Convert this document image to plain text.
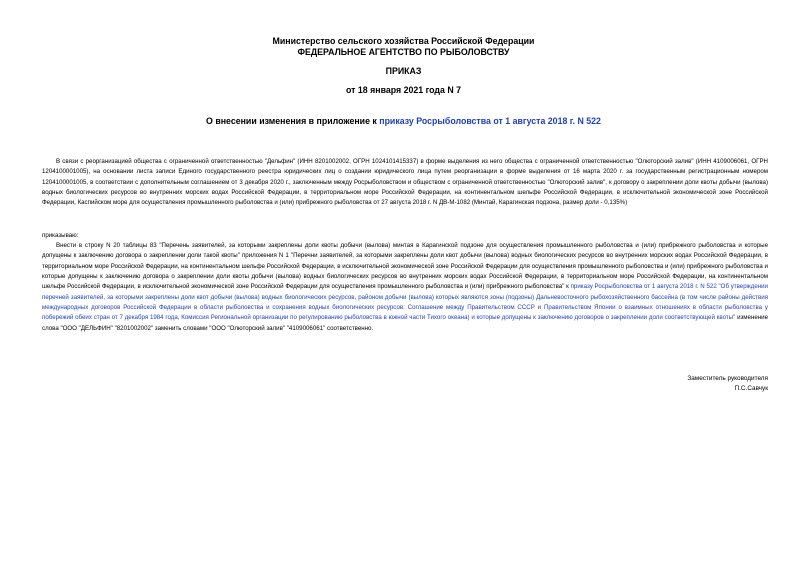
Министерство сельского хозяйства Российской Федерации
ФЕДЕРАЛЬНОЕ АГЕНТСТВО ПО РЫБОЛОВСТВУ
ПРИКАЗ
от 18 января 2021 года N 7
О внесении изменения в приложение к приказу Росрыболовства от 1 августа 2018 г. N 522
В связи с реорганизацией общества с ограниченной ответственностью "Дельфин" (ИНН 8201002002, ОГРН 1024101415337) в форме выделения из него общества с ограниченной ответственностью "Олюторский залив" (ИНН 4109006061, ОГРН 1204100001005), на основании листа записи Единого государственного реестра юридических лиц о создании юридического лица путем реорганизации в форме выделения от 16 марта 2020 г. за государственным регистрационным номером 1204100001005, в соответствии с дополнительным соглашением от 3 декабря 2020 г., заключенным между Росрыболовством и обществом с ограниченной ответственностью "Олюторский залив", к договору о закреплении доли квоты добычи (вылова) водных биологических ресурсов во внутренних морских водах Российской Федерации, в территориальном море Российской Федерации, на континентальном шельфе Российской Федерации, в исключительной экономической зоне Российской Федерации, Каспийском море для осуществления промышленного рыболовства и (или) прибрежного рыболовства от 27 августа 2018 г. N ДВ-М-1082 (Минтай, Карагинская подзона, размер доли - 0,135%)
приказываю:
Внести в строку N 20 таблицы 83 "Перечень заявителей, за которыми закреплены доли квоты добычи (вылова) минтая в Карагинской подзоне для осуществления промышленного рыболовства и (или) прибрежного рыболовства и которые допущены к заключению договора о закреплении доли такой квоты" приложения N 1 "Перечни заявителей, за которыми закреплены доли квот добычи (вылова) водных биологических ресурсов во внутренних морских водах Российской Федерации, в территориальном море Российской Федерации, на континентальном шельфе Российской Федерации, в исключительной экономической зоне Российской Федерации для осуществления промышленного рыболовства и (или) прибрежного рыболовства и которые допущены к заключению договора о закреплении доли квоты добычи (вылова) водных биологических ресурсов во внутренних морских водах Российской Федерации, в территориальном море Российской Федерации, на континентальном шельфе Российской Федерации, в исключительной экономической зоне Российской Федерации для осуществления промышленного рыболовства и (или) прибрежного рыболовства" к приказу Росрыболовства от 1 августа 2018 г. N 522 "Об утверждении перечней заявителей, за которыми закреплены доли квот добычи (вылова) водных биологических ресурсов, районом добычи (вылова) которых являются зоны (подзоны) Дальневосточного рыбохозяйственного бассейна (в том числе районы действия международных договоров Российской Федерации в области рыболовства и сохранения водных биологических ресурсов: Соглашение между Правительством СССР и Правительством Японии о взаимных отношениях в области рыболовства у побережий обеих стран от 7 декабря 1984 года, Комиссия Региональной организации по регулированию рыболовства в южной части Тихого океана) и которые допущены к заключению договоров о закреплении доли соответствующей квоты" изменение слова "ООО "ДЕЛЬФИН" "8201002002" заменить словами "ООО "Олюторский залив" "4109006061" соответственно.
Заместитель руководителя
П.С.Савчук
